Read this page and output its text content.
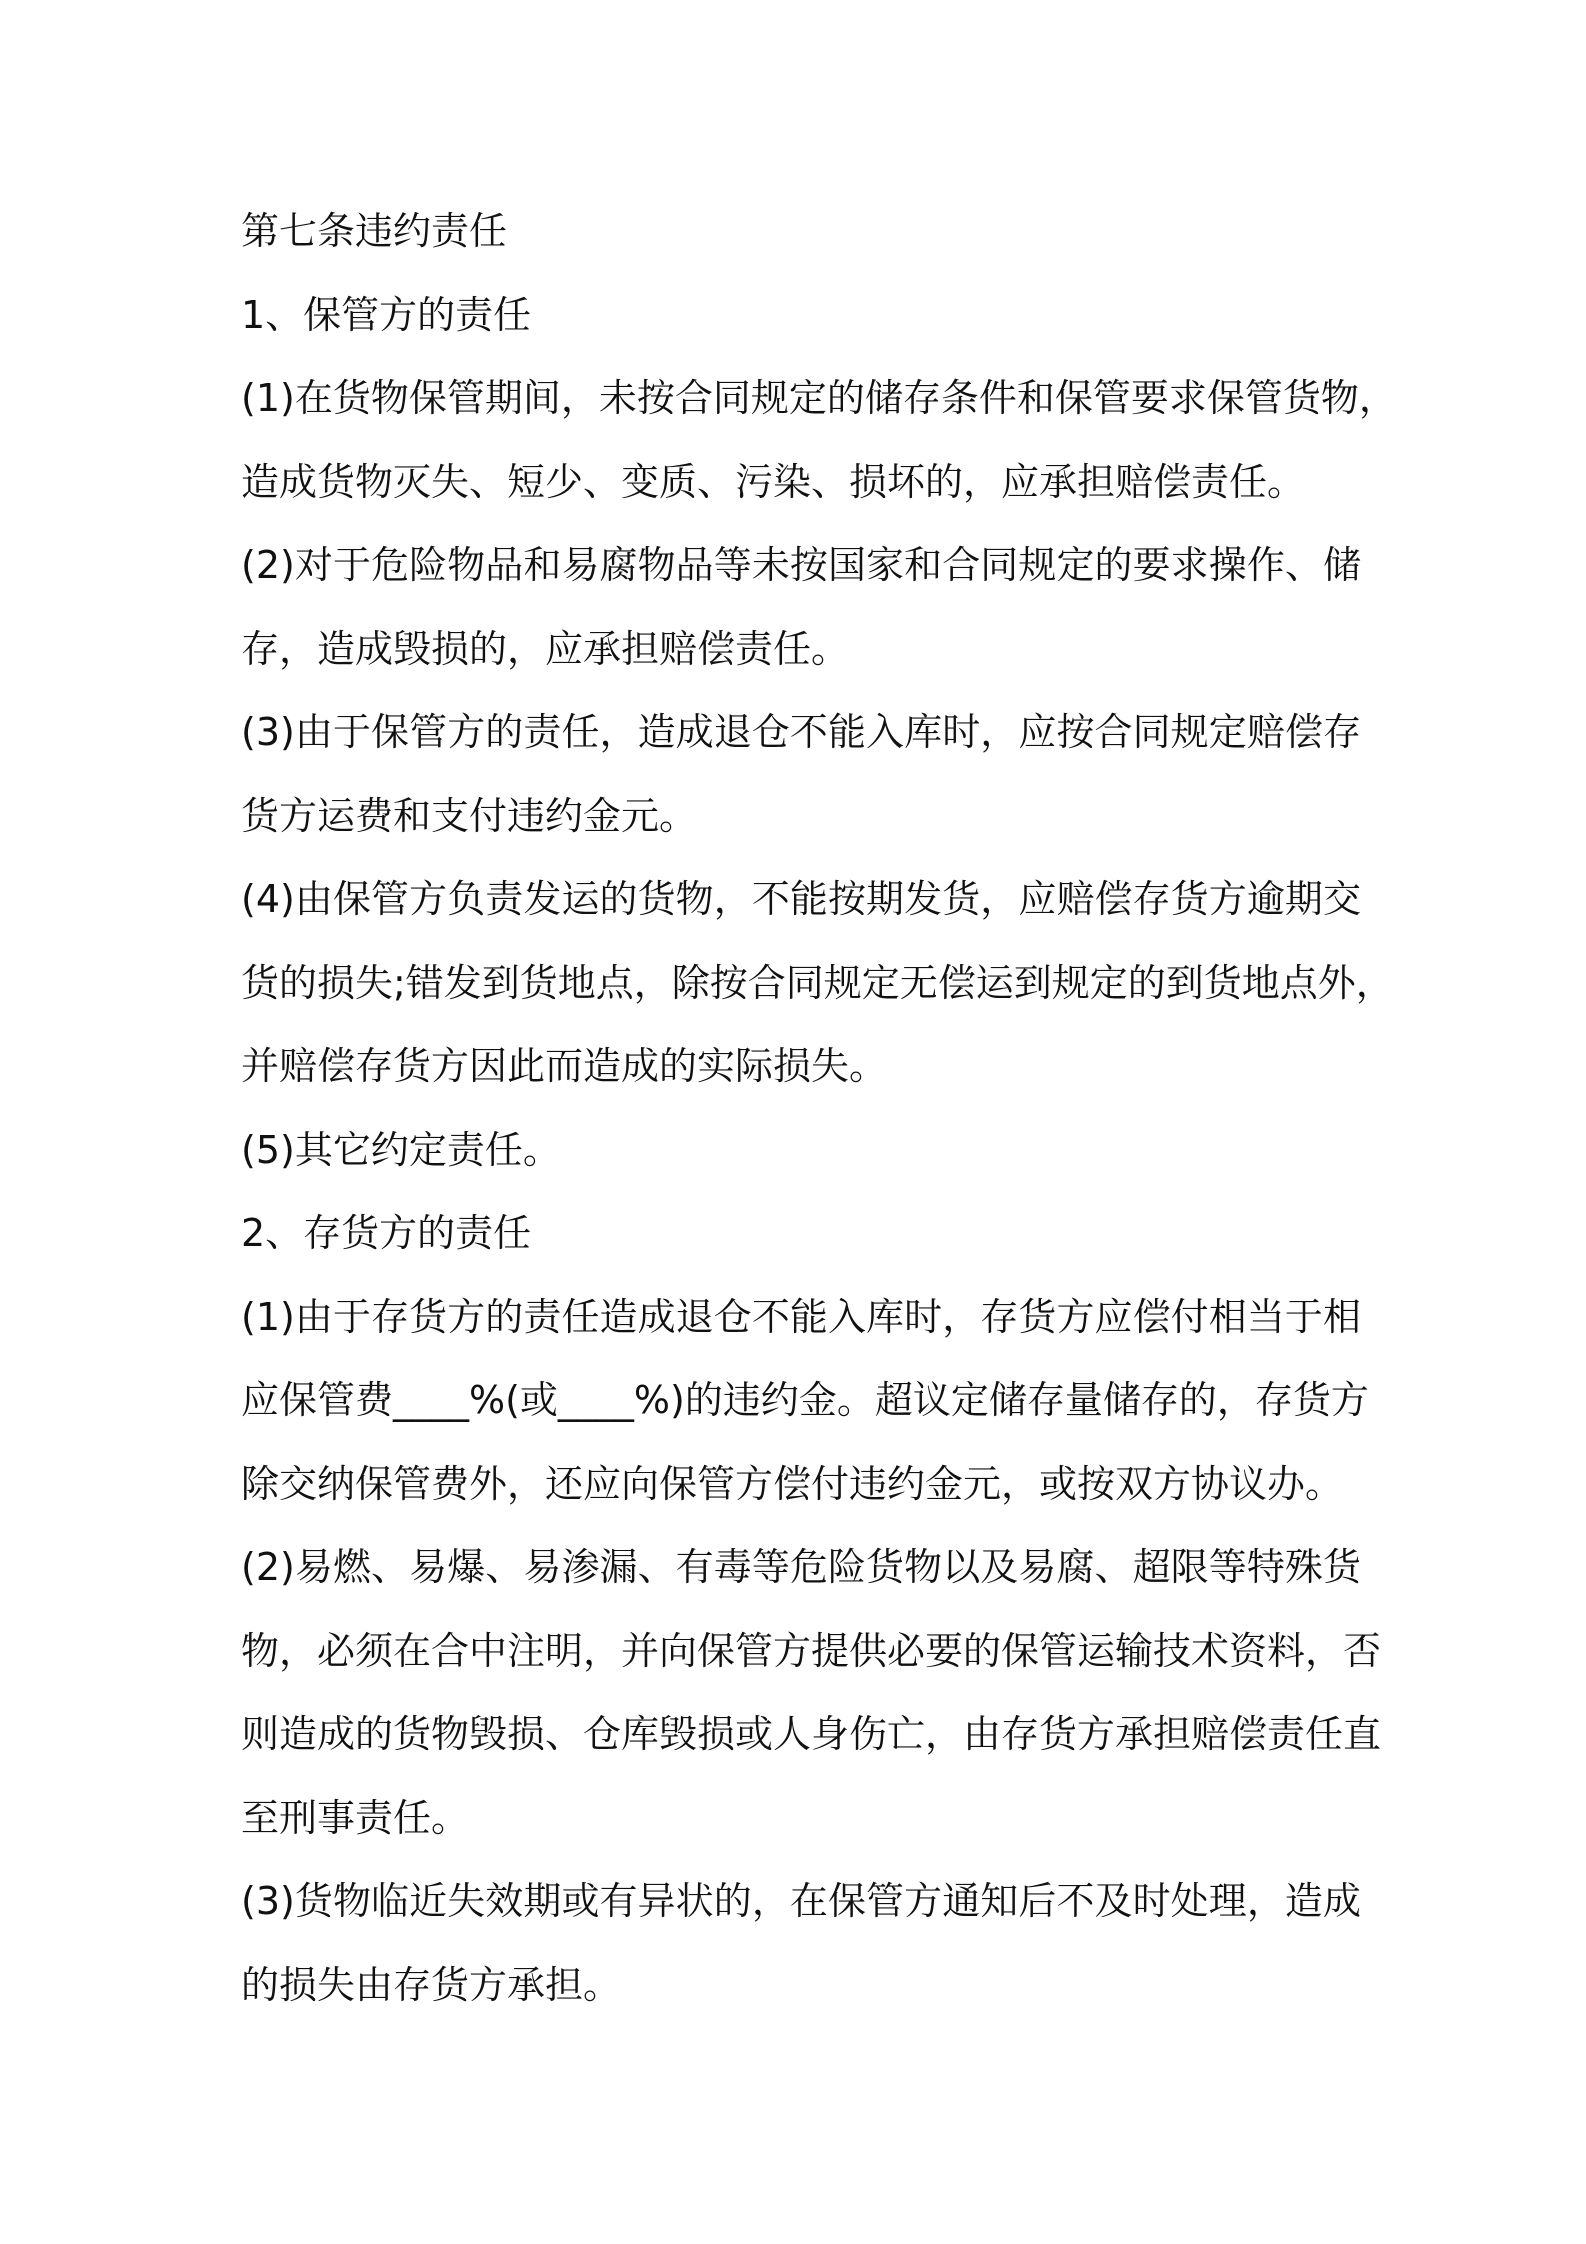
第七条违约责任
1、保管方的责任
(1)在货物保管期间，未按合同规定的储存条件和保管要求保管货物，
造成货物灭失、短少、变质、污染、损坏的，应承担赔偿责任。
(2)对于危险物品和易腐物品等未按国家和合同规定的要求操作、储
存，造成毁损的，应承担赔偿责任。
(3)由于保管方的责任，造成退仓不能入库时，应按合同规定赔偿存
货方运费和支付违约金元。
(4)由保管方负责发运的货物，不能按期发货，应赔偿存货方逾期交
货的损失;错发到货地点，除按合同规定无偿运到规定的到货地点外，
并赔偿存货方因此而造成的实际损失。
(5)其它约定责任。
2、存货方的责任
(1)由于存货方的责任造成退仓不能入库时，存货方应偿付相当于相
应保管费____%(或____%)的违约金。超议定储存量储存的，存货方
除交纳保管费外，还应向保管方偿付违约金元，或按双方协议办。
(2)易燃、易爆、易渗漏、有毒等危险货物以及易腐、超限等特殊货
物，必须在合中注明，并向保管方提供必要的保管运输技术资料，否
则造成的货物毁损、仓库毁损或人身伤亡，由存货方承担赔偿责任直
至刑事责任。
(3)货物临近失效期或有异状的，在保管方通知后不及时处理，造成
的损失由存货方承担。
